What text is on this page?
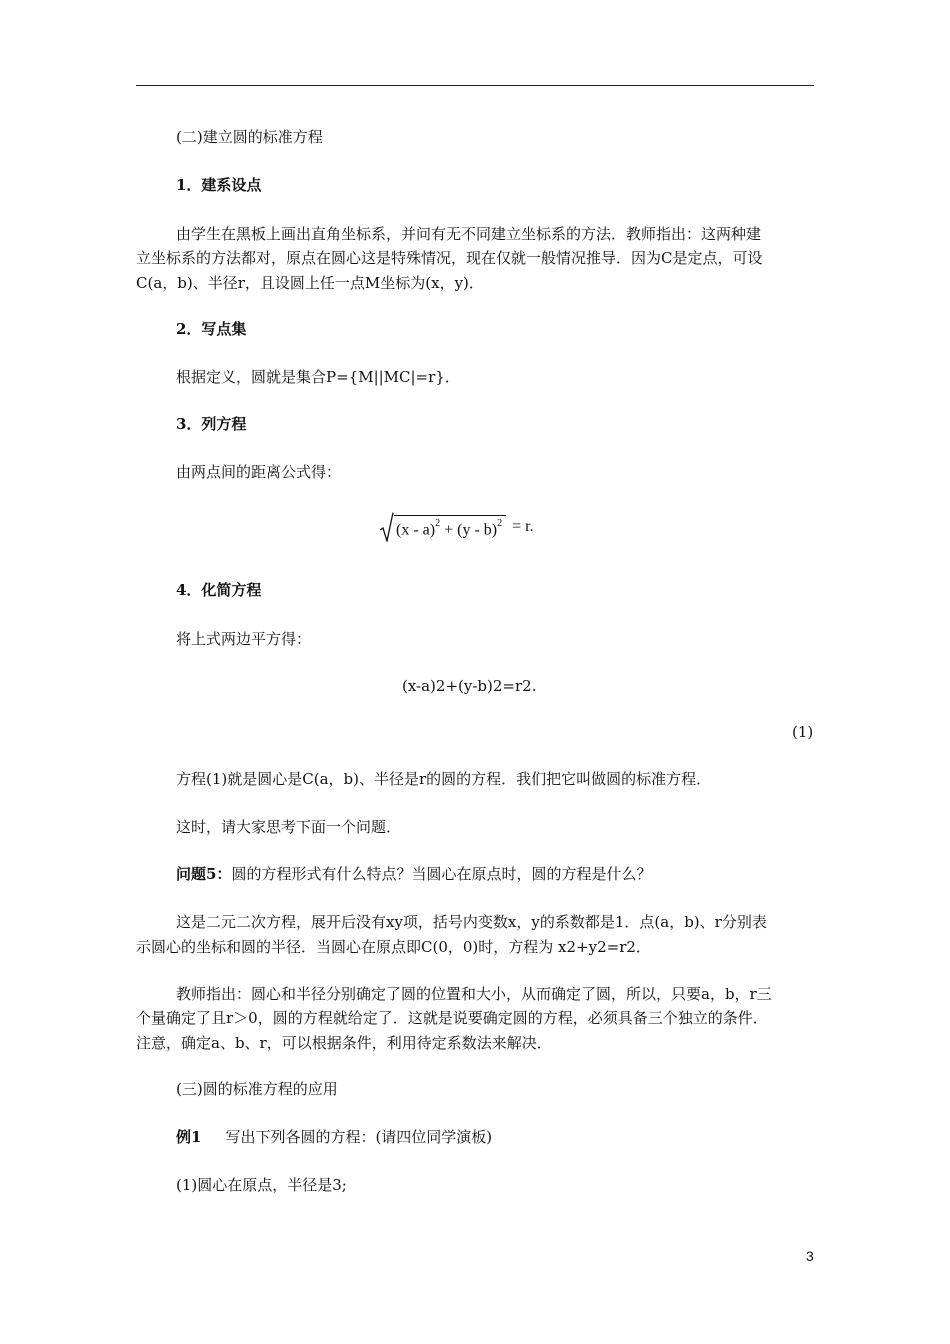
(二)建立圆的标准方程
1．建系设点
由学生在黑板上画出直角坐标系，并问有无不同建立坐标系的方法．教师指出：这两种建
立坐标系的方法都对，原点在圆心这是特殊情况，现在仅就一般情况推导．因为C是定点，可设
C(a，b)、半径r，且设圆上任一点M坐标为(x，y)．
2．写点集
根据定义，圆就是集合P={M||MC|=r}．
3．列方程
由两点间的距离公式得：
(x - a)$^2$ + (y - b)$^2$ = r.
4．化简方程
将上式两边平方得：
(x-a)2+(y-b)2=r2.
(1)
方程(1)就是圆心是C(a，b)、半径是r的圆的方程．我们把它叫做圆的标准方程．
这时，请大家思考下面一个问题．
问题5：圆的方程形式有什么特点？当圆心在原点时，圆的方程是什么？
这是二元二次方程，展开后没有xy项，括号内变数x，y的系数都是1．点(a，b)、r分别表
示圆心的坐标和圆的半径．当圆心在原点即C(0，0)时，方程为 x2+y2=r2．
教师指出：圆心和半径分别确定了圆的位置和大小，从而确定了圆，所以，只要a，b，r三
个量确定了且r＞0，圆的方程就给定了．这就是说要确定圆的方程，必须具备三个独立的条件．
注意，确定a、b、r，可以根据条件，利用待定系数法来解决．
(三)圆的标准方程的应用
例1 写出下列各圆的方程：(请四位同学演板)
(1)圆心在原点，半径是3;
3
